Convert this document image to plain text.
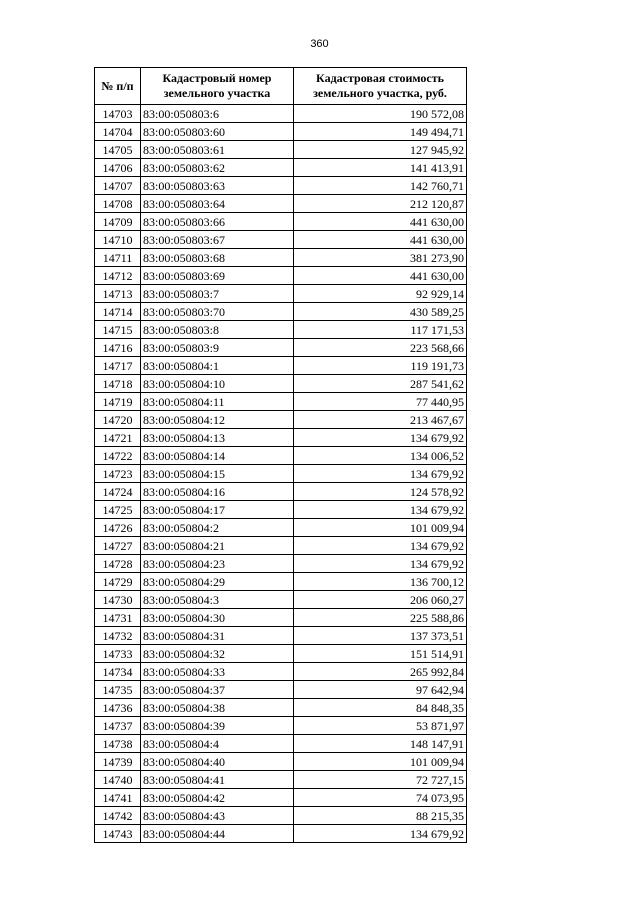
360
№ п/п	Кадастровый номер земельного участка	Кадастровая стоимость земельного участка, руб.
14703	83:00:050803:6	190 572,08
14704	83:00:050803:60	149 494,71
14705	83:00:050803:61	127 945,92
14706	83:00:050803:62	141 413,91
14707	83:00:050803:63	142 760,71
14708	83:00:050803:64	212 120,87
14709	83:00:050803:66	441 630,00
14710	83:00:050803:67	441 630,00
14711	83:00:050803:68	381 273,90
14712	83:00:050803:69	441 630,00
14713	83:00:050803:7	92 929,14
14714	83:00:050803:70	430 589,25
14715	83:00:050803:8	117 171,53
14716	83:00:050803:9	223 568,66
14717	83:00:050804:1	119 191,73
14718	83:00:050804:10	287 541,62
14719	83:00:050804:11	77 440,95
14720	83:00:050804:12	213 467,67
14721	83:00:050804:13	134 679,92
14722	83:00:050804:14	134 006,52
14723	83:00:050804:15	134 679,92
14724	83:00:050804:16	124 578,92
14725	83:00:050804:17	134 679,92
14726	83:00:050804:2	101 009,94
14727	83:00:050804:21	134 679,92
14728	83:00:050804:23	134 679,92
14729	83:00:050804:29	136 700,12
14730	83:00:050804:3	206 060,27
14731	83:00:050804:30	225 588,86
14732	83:00:050804:31	137 373,51
14733	83:00:050804:32	151 514,91
14734	83:00:050804:33	265 992,84
14735	83:00:050804:37	97 642,94
14736	83:00:050804:38	84 848,35
14737	83:00:050804:39	53 871,97
14738	83:00:050804:4	148 147,91
14739	83:00:050804:40	101 009,94
14740	83:00:050804:41	72 727,15
14741	83:00:050804:42	74 073,95
14742	83:00:050804:43	88 215,35
14743	83:00:050804:44	134 679,92
